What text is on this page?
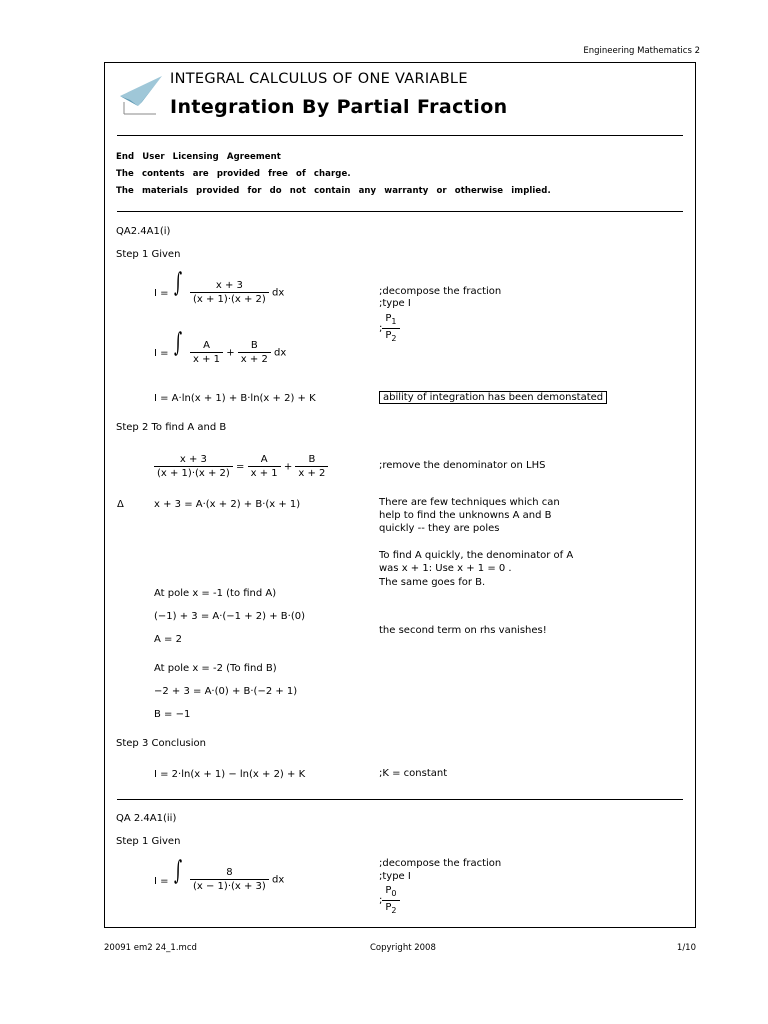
Engineering Mathematics 2
INTEGRAL CALCULUS OF ONE VARIABLE
Integration By Partial Fraction
End User Licensing Agreement
The contents are provided free of charge.
The materials provided for do not contain any warranty or otherwise implied.
QA2.4A1(i)
Step 1 Given
I = ∫ $\frac{x + 3}{(x + 1)\cdot(x + 2)}$ dx	;decompose the fraction
;type I
; $\frac{P_1}{P_2}$
I = ∫ $\frac{A}{x + 1} + \frac{B}{x + 2}$ dx
I = A·ln(x + 1) + B·ln(x + 2) + K	ability of integration has been demonstated
Step 2 To find A and B
$\frac{x + 3}{(x + 1)\cdot(x + 2)} = \frac{A}{x + 1} + \frac{B}{x + 2}$	;remove the denominator on LHS
Δ	x + 3 = A·(x + 2) + B·(x + 1)	There are few techniques which can
help to find the unknowns A and B
quickly -- they are poles
To find A quickly, the denominator of A
was x + 1: Use x + 1 = 0 .
The same goes for B.
At pole x = -1 (to find A)
(−1) + 3 = A·(−1 + 2) + B·(0)
A = 2
the second term on rhs vanishes!
At pole x = -2 (To find B)
−2 + 3 = A·(0) + B·(−2 + 1)
B = −1
Step 3 Conclusion
I = 2·ln(x + 1) − ln(x + 2) + K	;K = constant
QA 2.4A1(ii)
Step 1 Given
I = ∫ $\frac{8}{(x - 1)\cdot(x + 3)}$ dx
;decompose the fraction
;type I
; $\frac{P_0}{P_2}$
20091 em2 24_1.mcd	Copyright 2008	1/10
